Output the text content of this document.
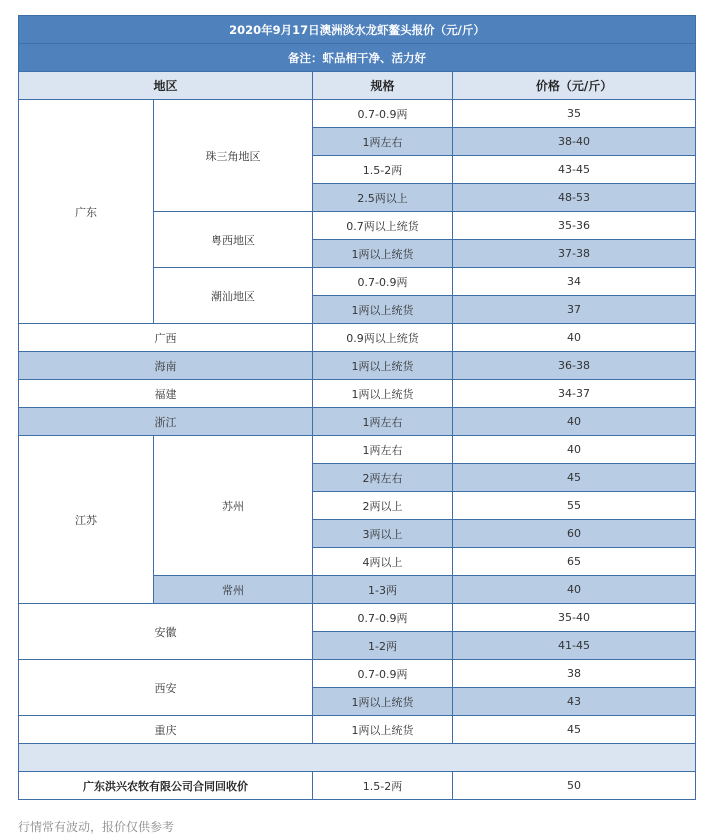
2020年9月17日澳洲淡水龙虾鳌头报价（元/斤）			
备注：虾品相干净、活力好			
地区		规格	价格（元/斤）
广东	珠三角地区	0.7-0.9两	35
		1两左右	38-40
		1.5-2两	43-45
		2.5两以上	48-53
	粤西地区	0.7两以上统货	35-36
		1两以上统货	37-38
	潮汕地区	0.7-0.9两	34
		1两以上统货	37
广西		0.9两以上统货	40
海南		1两以上统货	36-38
福建		1两以上统货	34-37
浙江		1两左右	40
江苏	苏州	1两左右	40
		2两左右	45
		2两以上	55
		3两以上	60
		4两以上	65
	常州	1-3两	40
安徽		0.7-0.9两	35-40
		1-2两	41-45
西安		0.7-0.9两	38
		1两以上统货	43
重庆		1两以上统货	45

广东洪兴农牧有限公司合同回收价		1.5-2两	50
行情常有波动，报价仅供参考
